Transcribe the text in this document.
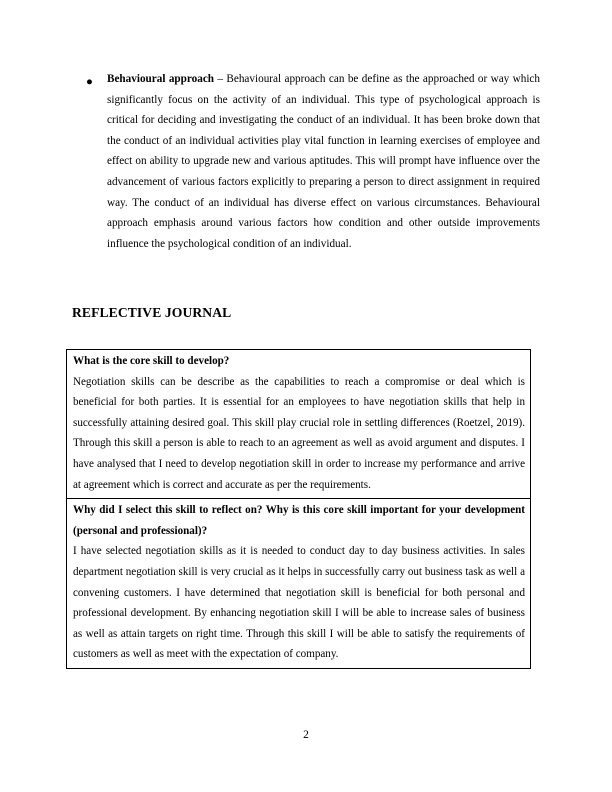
● Behavioural approach – Behavioural approach can be define as the approached or way which significantly focus on the activity of an individual. This type of psychological approach is critical for deciding and investigating the conduct of an individual. It has been broke down that the conduct of an individual activities play vital function in learning exercises of employee and effect on ability to upgrade new and various aptitudes. This will prompt have influence over the advancement of various factors explicitly to preparing a person to direct assignment in required way. The conduct of an individual has diverse effect on various circumstances. Behavioural approach emphasis around various factors how condition and other outside improvements influence the psychological condition of an individual.

REFLECTIVE JOURNAL
What is the core skill to develop?
Negotiation skills can be describe as the capabilities to reach a compromise or deal which is beneficial for both parties. It is essential for an employees to have negotiation skills that help in successfully attaining desired goal. This skill play crucial role in settling differences (Roetzel, 2019). Through this skill a person is able to reach to an agreement as well as avoid argument and disputes. I have analysed that I need to develop negotiation skill in order to increase my performance and arrive at agreement which is correct and accurate as per the requirements.
Why did I select this skill to reflect on? Why is this core skill important for your development (personal and professional)?
I have selected negotiation skills as it is needed to conduct day to day business activities. In sales department negotiation skill is very crucial as it helps in successfully carry out business task as well a convening customers. I have determined that negotiation skill is beneficial for both personal and professional development. By enhancing negotiation skill I will be able to increase sales of business as well as attain targets on right time. Through this skill I will be able to satisfy the requirements of customers as well as meet with the expectation of company.
2
